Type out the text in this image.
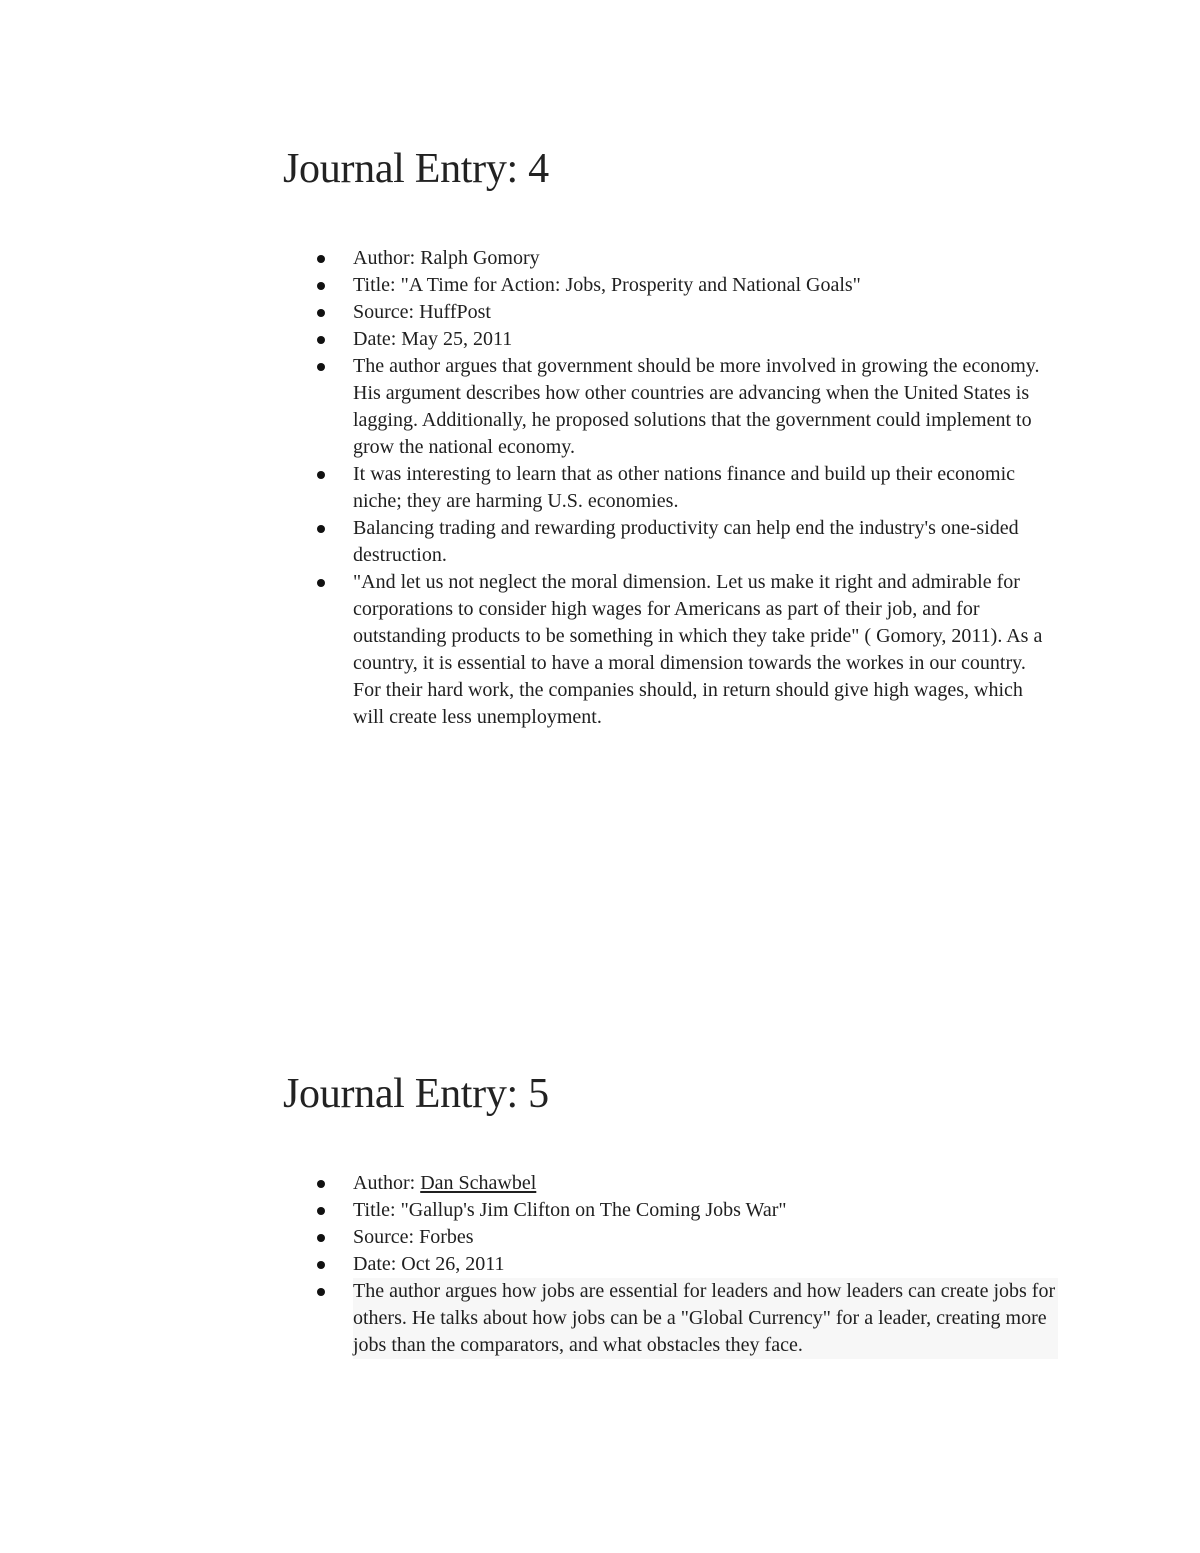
Journal Entry: 4
Author: Ralph Gomory
Title: "A Time for Action: Jobs, Prosperity and National Goals"
Source: HuffPost
Date: May 25, 2011
The author argues that government should be more involved in growing the economy. His argument describes how other countries are advancing when the United States is lagging. Additionally, he proposed solutions that the government could implement to grow the national economy.
It was interesting to learn that as other nations finance and build up their economic niche; they are harming U.S. economies.
Balancing trading and rewarding productivity can help end the industry's one-sided destruction.
"And let us not neglect the moral dimension. Let us make it right and admirable for corporations to consider high wages for Americans as part of their job, and for outstanding products to be something in which they take pride" ( Gomory, 2011). As a country, it is essential to have a moral dimension towards the workes in our country. For their hard work, the companies should, in return should give high wages, which will create less unemployment.
Journal Entry: 5
Author: Dan Schawbel
Title: "Gallup's Jim Clifton on The Coming Jobs War"
Source: Forbes
Date: Oct 26, 2011
The author argues how jobs are essential for leaders and how leaders can create jobs for others. He talks about how jobs can be a "Global Currency" for a leader, creating more jobs than the comparators, and what obstacles they face.
